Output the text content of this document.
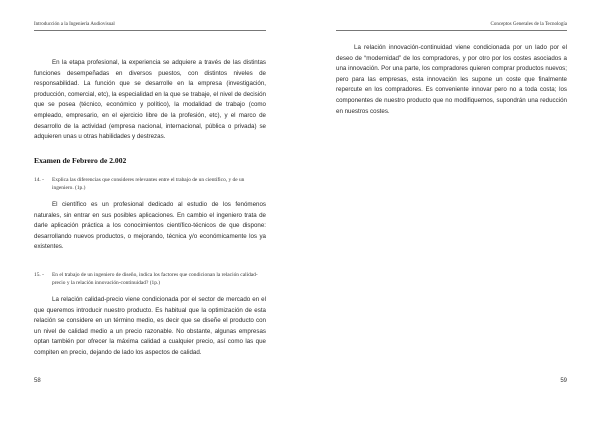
Introducción a la Ingeniería Audiovisual

En la etapa profesional, la experiencia se adquiere a través de las distintas funciones desempeñadas en diversos puestos, con distintos niveles de responsabilidad. La función que se desarrolle en la empresa (investigación, producción, comercial, etc), la especialidad en la que se trabaje, el nivel de decisión que se posea (técnico, económico y político), la modalidad de trabajo (como empleado, empresario, en el ejercicio libre de la profesión, etc), y el marco de desarrollo de la actividad (empresa nacional, internacional, pública o privada) se adquieren unas u otras habilidades y destrezas.

Examen de Febrero de 2.002
14. - Explica las diferencias que consideres relevantes entre el trabajo de un científico, y de un ingeniero. (1p.)

El científico es un profesional dedicado al estudio de los fenómenos naturales, sin entrar en sus posibles aplicaciones. En cambio el ingeniero trata de darle aplicación práctica a los conocimientos científico-técnicos de que dispone: desarrollando nuevos productos, o mejorando, técnica y/o económicamente los ya existentes.

15. - En el trabajo de un ingeniero de diseño, indica los factores que condicionan la relación calidad-precio y la relación innovación-continuidad? (1p.)

La relación calidad-precio viene condicionada por el sector de mercado en el que queremos introducir nuestro producto. Es habitual que la optimización de esta relación se considere en un término medio, es decir que se diseñe el producto con un nivel de calidad medio a un precio razonable. No obstante, algunas empresas optan también por ofrecer la máxima calidad a cualquier precio, así como las que compiten en precio, dejando de lado los aspectos de calidad.

58
Conceptos Generales de la Tecnología

La relación innovación-continuidad viene condicionada por un lado por el deseo de “modernidad” de los compradores, y por otro por los costes asociados a una innovación. Por una parte, los compradores quieren comprar productos nuevos; pero para las empresas, esta innovación les supone un coste que finalmente repercute en los compradores. Es conveniente innovar pero no a toda costa; los componentes de nuestro producto que no modifiquemos, supondrán una reducción en nuestros costes.

59
